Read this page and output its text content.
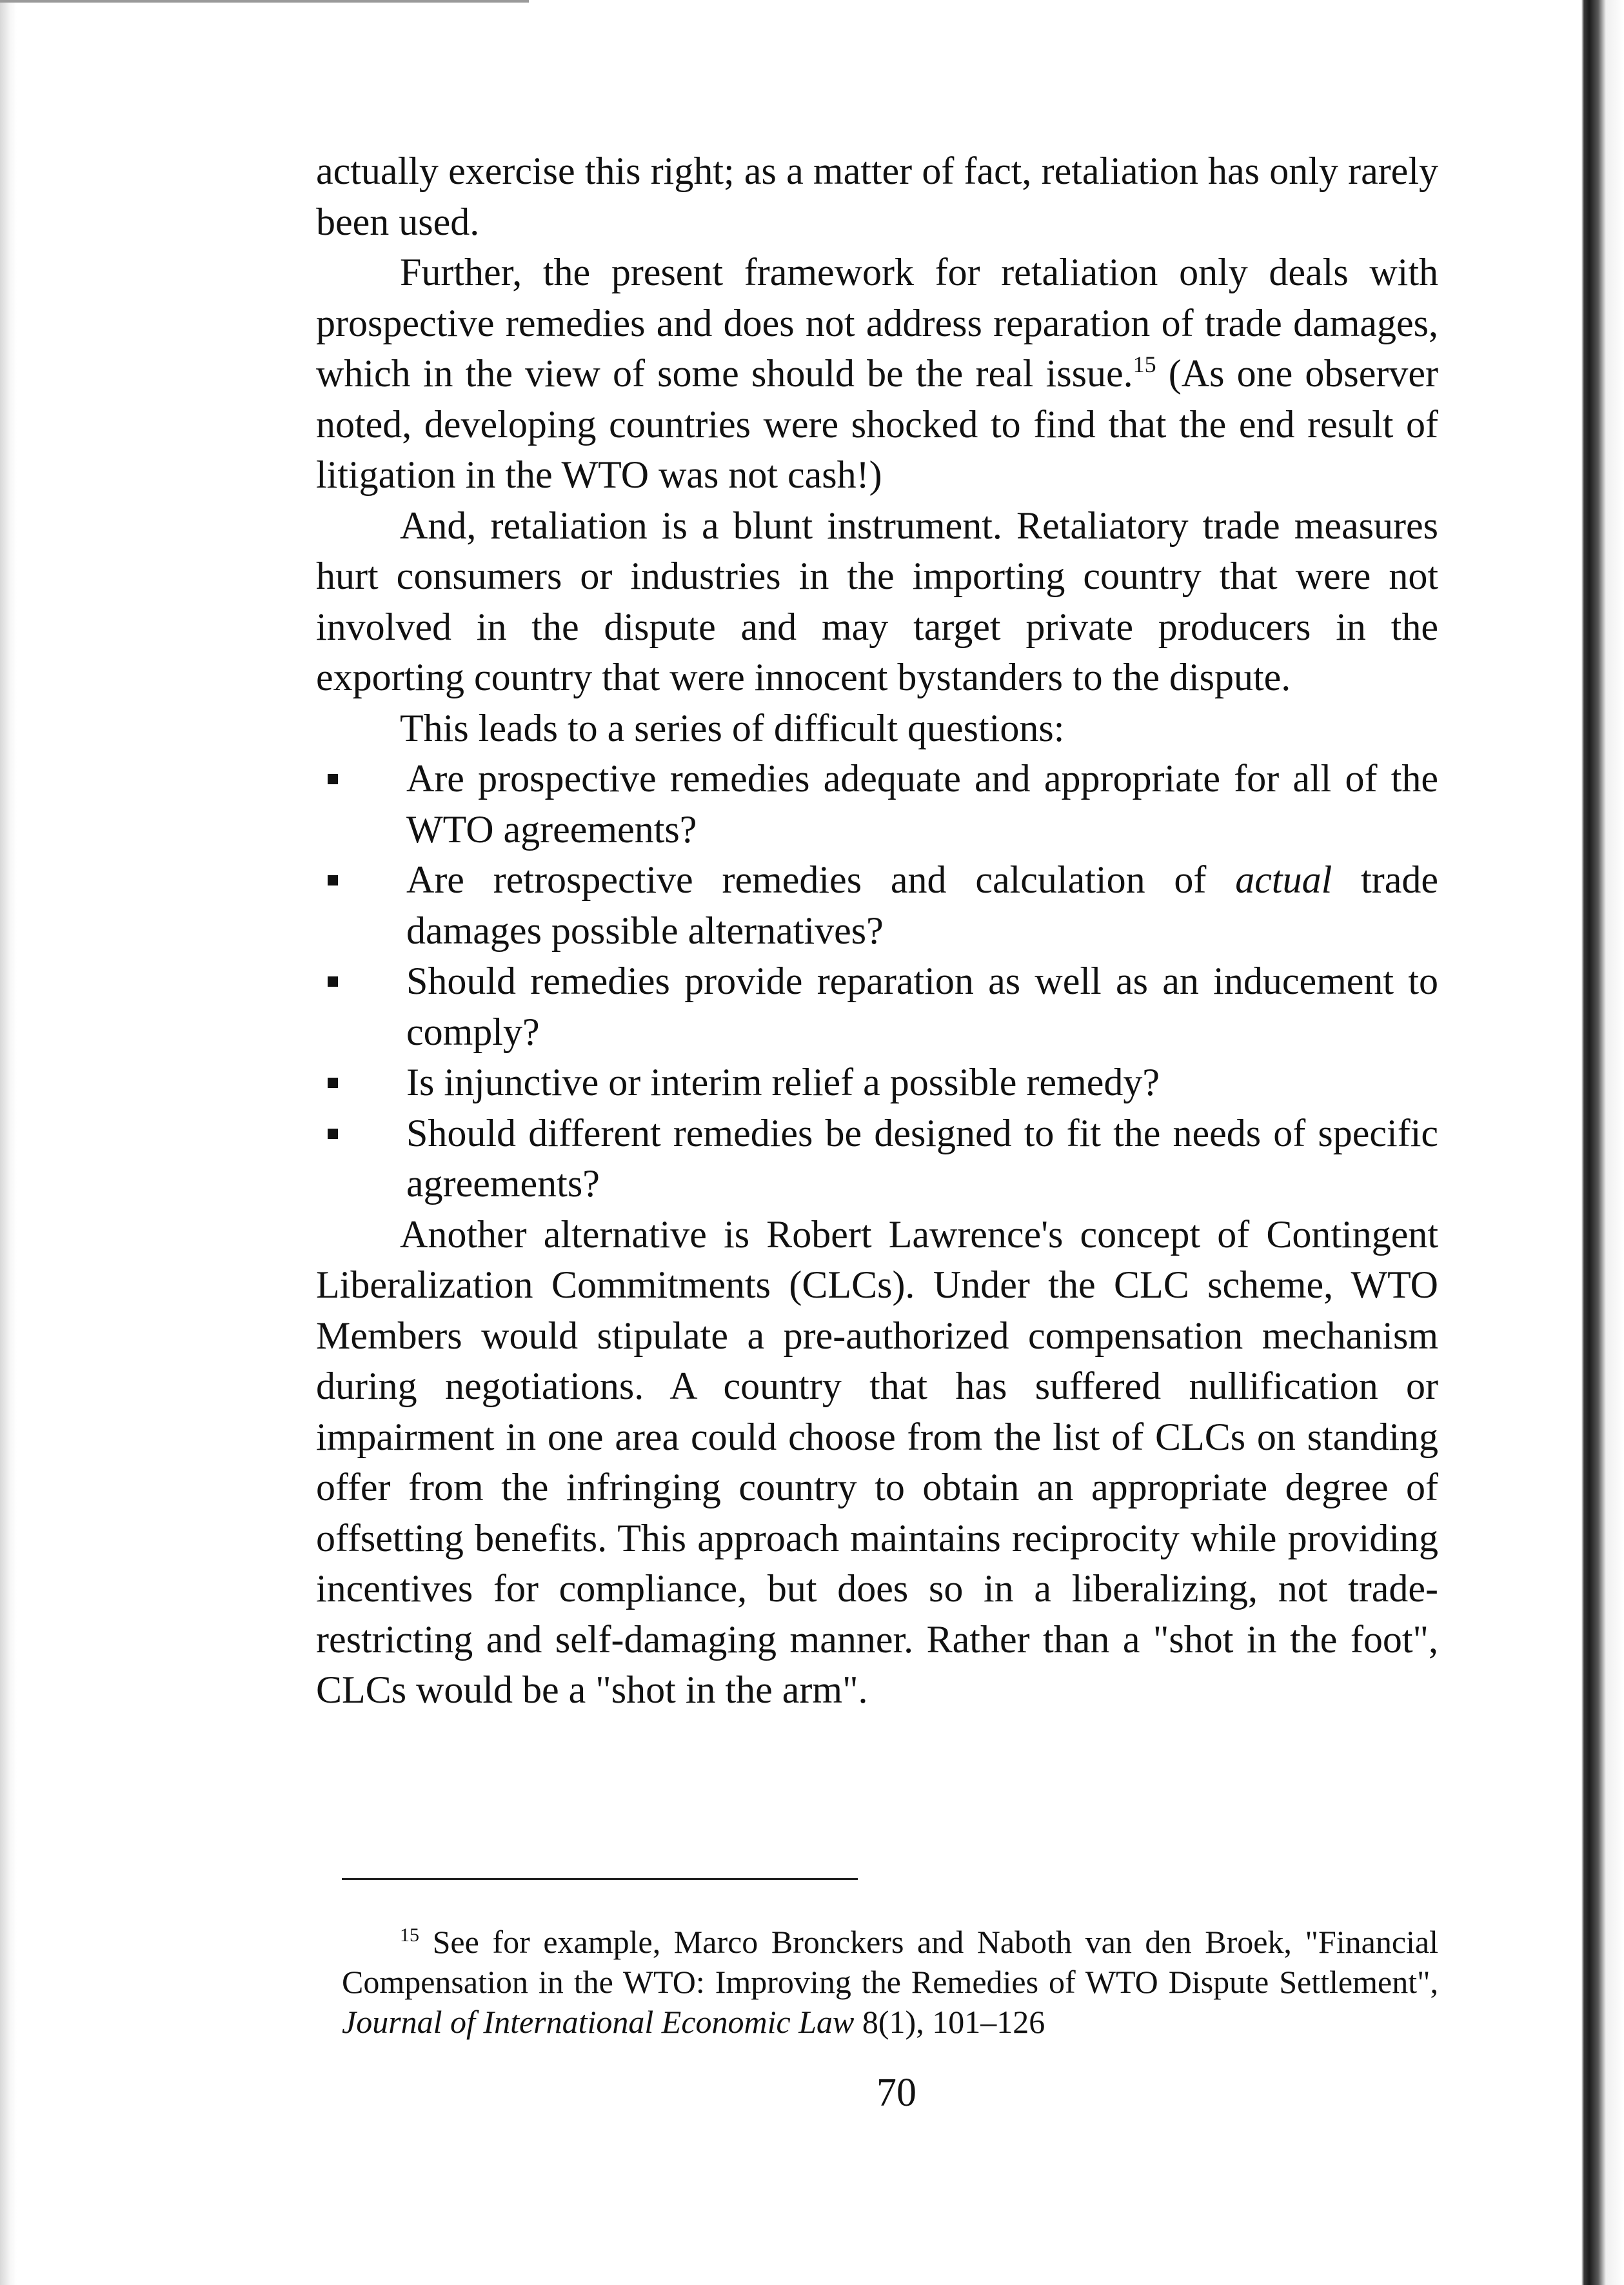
actually exercise this right; as a matter of fact, retaliation has only rarely been used.

Further, the present framework for retaliation only deals with prospective remedies and does not address reparation of trade damages, which in the view of some should be the real issue.$^{15}$ (As one observer noted, developing countries were shocked to find that the end result of litigation in the WTO was not cash!)

And, retaliation is a blunt instrument. Retaliatory trade measures hurt consumers or industries in the importing country that were not involved in the dispute and may target private producers in the exporting country that were innocent bystanders to the dispute.

This leads to a series of difficult questions:

Are prospective remedies adequate and appropriate for all of the WTO agreements?
Are retrospective remedies and calculation of actual trade damages possible alternatives?
Should remedies provide reparation as well as an inducement to comply?
Is injunctive or interim relief a possible remedy?
Should different remedies be designed to fit the needs of specific agreements?

Another alternative is Robert Lawrence's concept of Contingent Liberalization Commitments (CLCs). Under the CLC scheme, WTO Members would stipulate a pre-authorized compensation mechanism during negotiations. A country that has suffered nullification or impairment in one area could choose from the list of CLCs on standing offer from the infringing country to obtain an appropriate degree of offsetting benefits. This approach maintains reciprocity while providing incentives for compliance, but does so in a liberalizing, not trade-restricting and self-damaging manner. Rather than a "shot in the foot", CLCs would be a "shot in the arm".

$^{15}$ See for example, Marco Bronckers and Naboth van den Broek, "Financial Compensation in the WTO: Improving the Remedies of WTO Dispute Settlement", Journal of International Economic Law 8(1), 101–126

70
